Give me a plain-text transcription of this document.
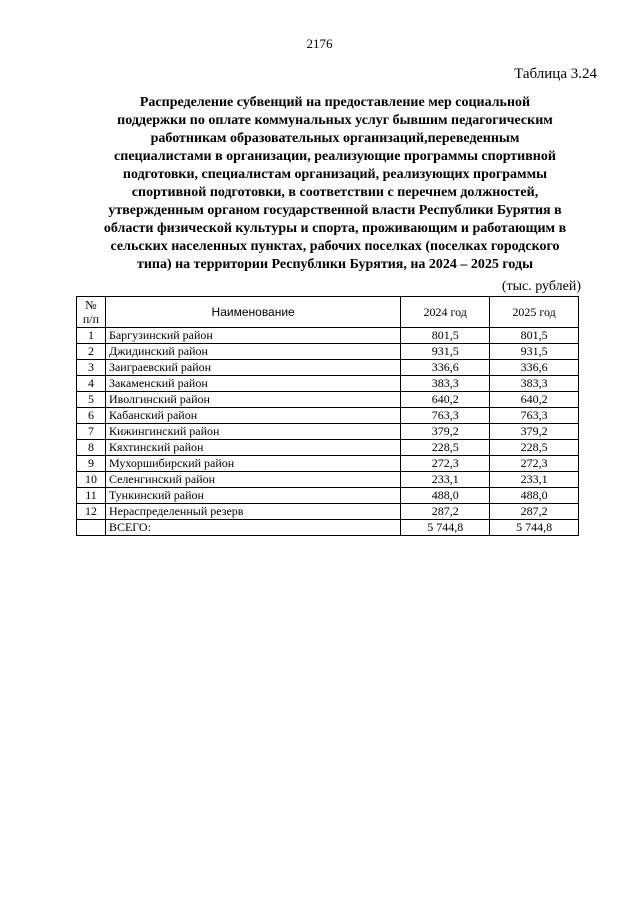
2176
Таблица 3.24
Распределение субвенций на предоставление мер социальной
поддержки по оплате коммунальных услуг бывшим педагогическим
работникам образовательных организаций,переведенным
специалистами в организации, реализующие программы спортивной
подготовки, специалистам организаций, реализующих программы
спортивной подготовки, в соответствии с перечнем должностей,
утвержденным органом государственной власти Республики Бурятия в
области физической культуры и спорта, проживающим и работающим в
сельских населенных пунктах, рабочих поселках (поселках городского
типа) на территории Республики Бурятия, на 2024 – 2025 годы
(тыс. рублей)
№
п/п	Наименование	2024 год	2025 год
1	Баргузинский район	801,5	801,5
2	Джидинский район	931,5	931,5
3	Заиграевский район	336,6	336,6
4	Закаменский район	383,3	383,3
5	Иволгинский район	640,2	640,2
6	Кабанский район	763,3	763,3
7	Кижингинский район	379,2	379,2
8	Кяхтинский район	228,5	228,5
9	Мухоршибирский район	272,3	272,3
10	Селенгинский район	233,1	233,1
11	Тункинский район	488,0	488,0
12	Нераспределенный резерв	287,2	287,2
	ВСЕГО:	5 744,8	5 744,8
